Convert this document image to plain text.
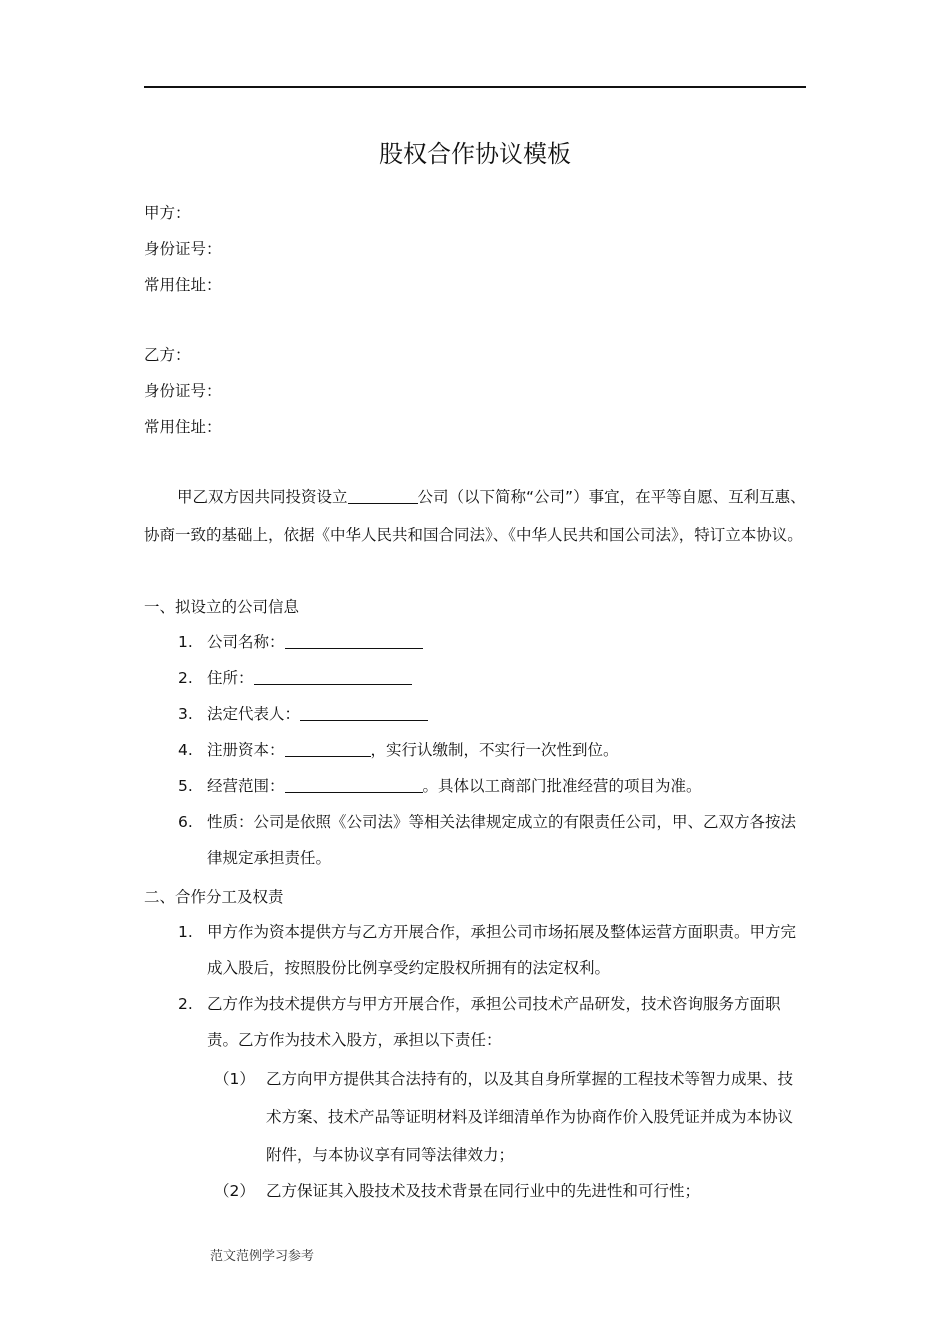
股权合作协议模板
甲方：
身份证号：
常用住址：
乙方：
身份证号：
常用住址：
甲乙双方因共同投资设立	公司（以下简称“公司”）事宜，在平等自愿、互利互惠、协商一致的基础上，依据《中华人民共和国合同法》、《中华人民共和国公司法》，特订立本协议。
一、拟设立的公司信息
1. 公司名称：
2. 住所：
3. 法定代表人：
4. 注册资本：	，实行认缴制，不实行一次性到位。
5. 经营范围：	。具体以工商部门批准经营的项目为准。
6. 性质：公司是依照《公司法》等相关法律规定成立的有限责任公司，甲、乙双方各按法律规定承担责任。
二、合作分工及权责
1. 甲方作为资本提供方与乙方开展合作，承担公司市场拓展及整体运营方面职责。甲方完成入股后，按照股份比例享受约定股权所拥有的法定权利。
2. 乙方作为技术提供方与甲方开展合作，承担公司技术产品研发，技术咨询服务方面职责。乙方作为技术入股方，承担以下责任：
（1） 乙方向甲方提供其合法持有的，以及其自身所掌握的工程技术等智力成果、技术方案、技术产品等证明材料及详细清单作为协商作价入股凭证并成为本协议附件，与本协议享有同等法律效力；
（2） 乙方保证其入股技术及技术背景在同行业中的先进性和可行性；
范文范例学习参考
